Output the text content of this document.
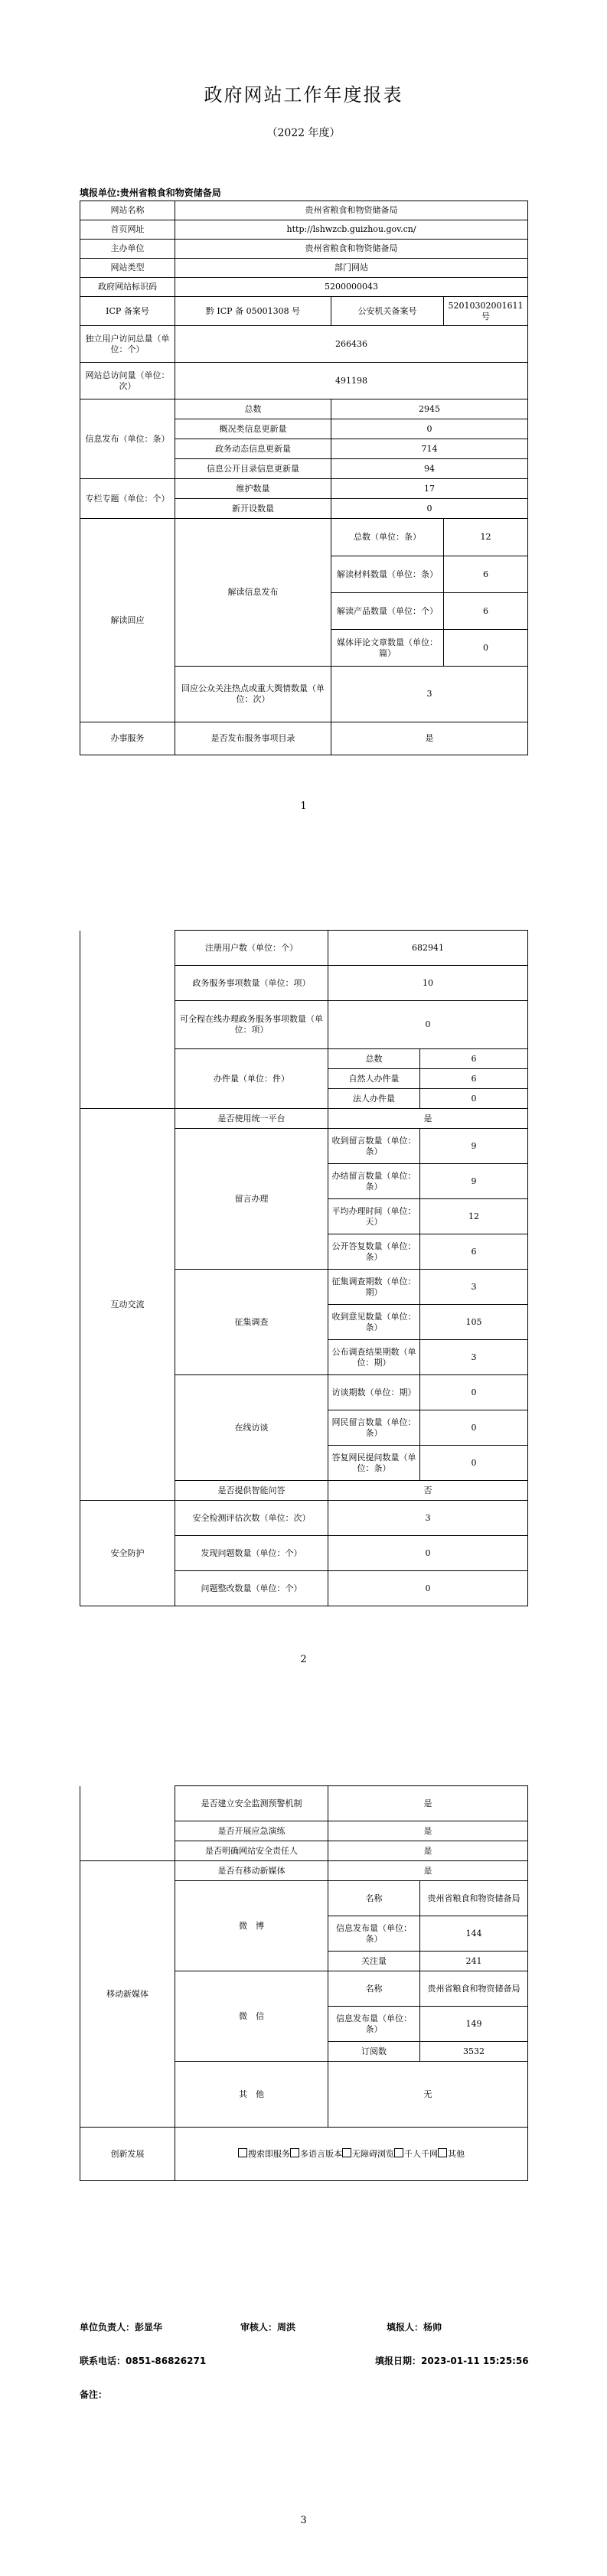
政府网站工作年度报表
（2022 年度）
填报单位:贵州省粮食和物资储备局
网站名称	贵州省粮食和物资储备局		
首页网址	http://lshwzcb.guizhou.gov.cn/		
主办单位	贵州省粮食和物资储备局		
网站类型	部门网站		
政府网站标识码	5200000043		
ICP 备案号	黔 ICP 备 05001308 号	公安机关备案号	52010302001611 号
独立用户访问总量（单位：个）	266436		
网站总访问量（单位：次）	491198		
信息发布（单位：条）	总数	2945	
	概况类信息更新量	0	
	政务动态信息更新量	714	
	信息公开目录信息更新量	94	
专栏专题（单位：个）	维护数量	17	
	新开设数量	0	
解读回应	解读信息发布	总数（单位：条）	12
		解读材料数量（单位：条）	6
		解读产品数量（单位：个）	6
		媒体评论文章数量（单位：篇）	0
	回应公众关注热点或重大舆情数量（单位：次）	3	
办事服务	是否发布服务事项目录	是	
1
	注册用户数（单位：个）	682941	
	政务服务事项数量（单位：项）	10	
	可全程在线办理政务服务事项数量（单位：项）	0	
	办件量（单位：件）	总数	6
		自然人办件量	6
		法人办件量	0
互动交流	是否使用统一平台	是	
	留言办理	收到留言数量（单位：条）	9
		办结留言数量（单位：条）	9
		平均办理时间（单位：天）	12
		公开答复数量（单位：条）	6
	征集调查	征集调查期数（单位：期）	3
		收到意见数量（单位：条）	105
		公布调查结果期数（单位：期）	3
	在线访谈	访谈期数（单位：期）	0
		网民留言数量（单位：条）	0
		答复网民提问数量（单位：条）	0
	是否提供智能问答	否	
安全防护	安全检测评估次数（单位：次）	3	
	发现问题数量（单位：个）	0	
	问题整改数量（单位：个）	0	
2
	是否建立安全监测预警机制	是	
	是否开展应急演练	是	
	是否明确网站安全责任人	是	
移动新媒体	是否有移动新媒体	是	
	微　博	名称	贵州省粮食和物资储备局
		信息发布量（单位：条）	144
		关注量	241
	微　信	名称	贵州省粮食和物资储备局
		信息发布量（单位：条）	149
		订阅数	3532
	其　他	无	
创新发展	搜索即服务 多语言版本 无障碍浏览 千人千网 其他		
单位负责人：彭显华	审核人：周洪	填报人：杨帅
联系电话：0851-86826271	填报日期：2023-01-11 15:25:56
备注：
3
